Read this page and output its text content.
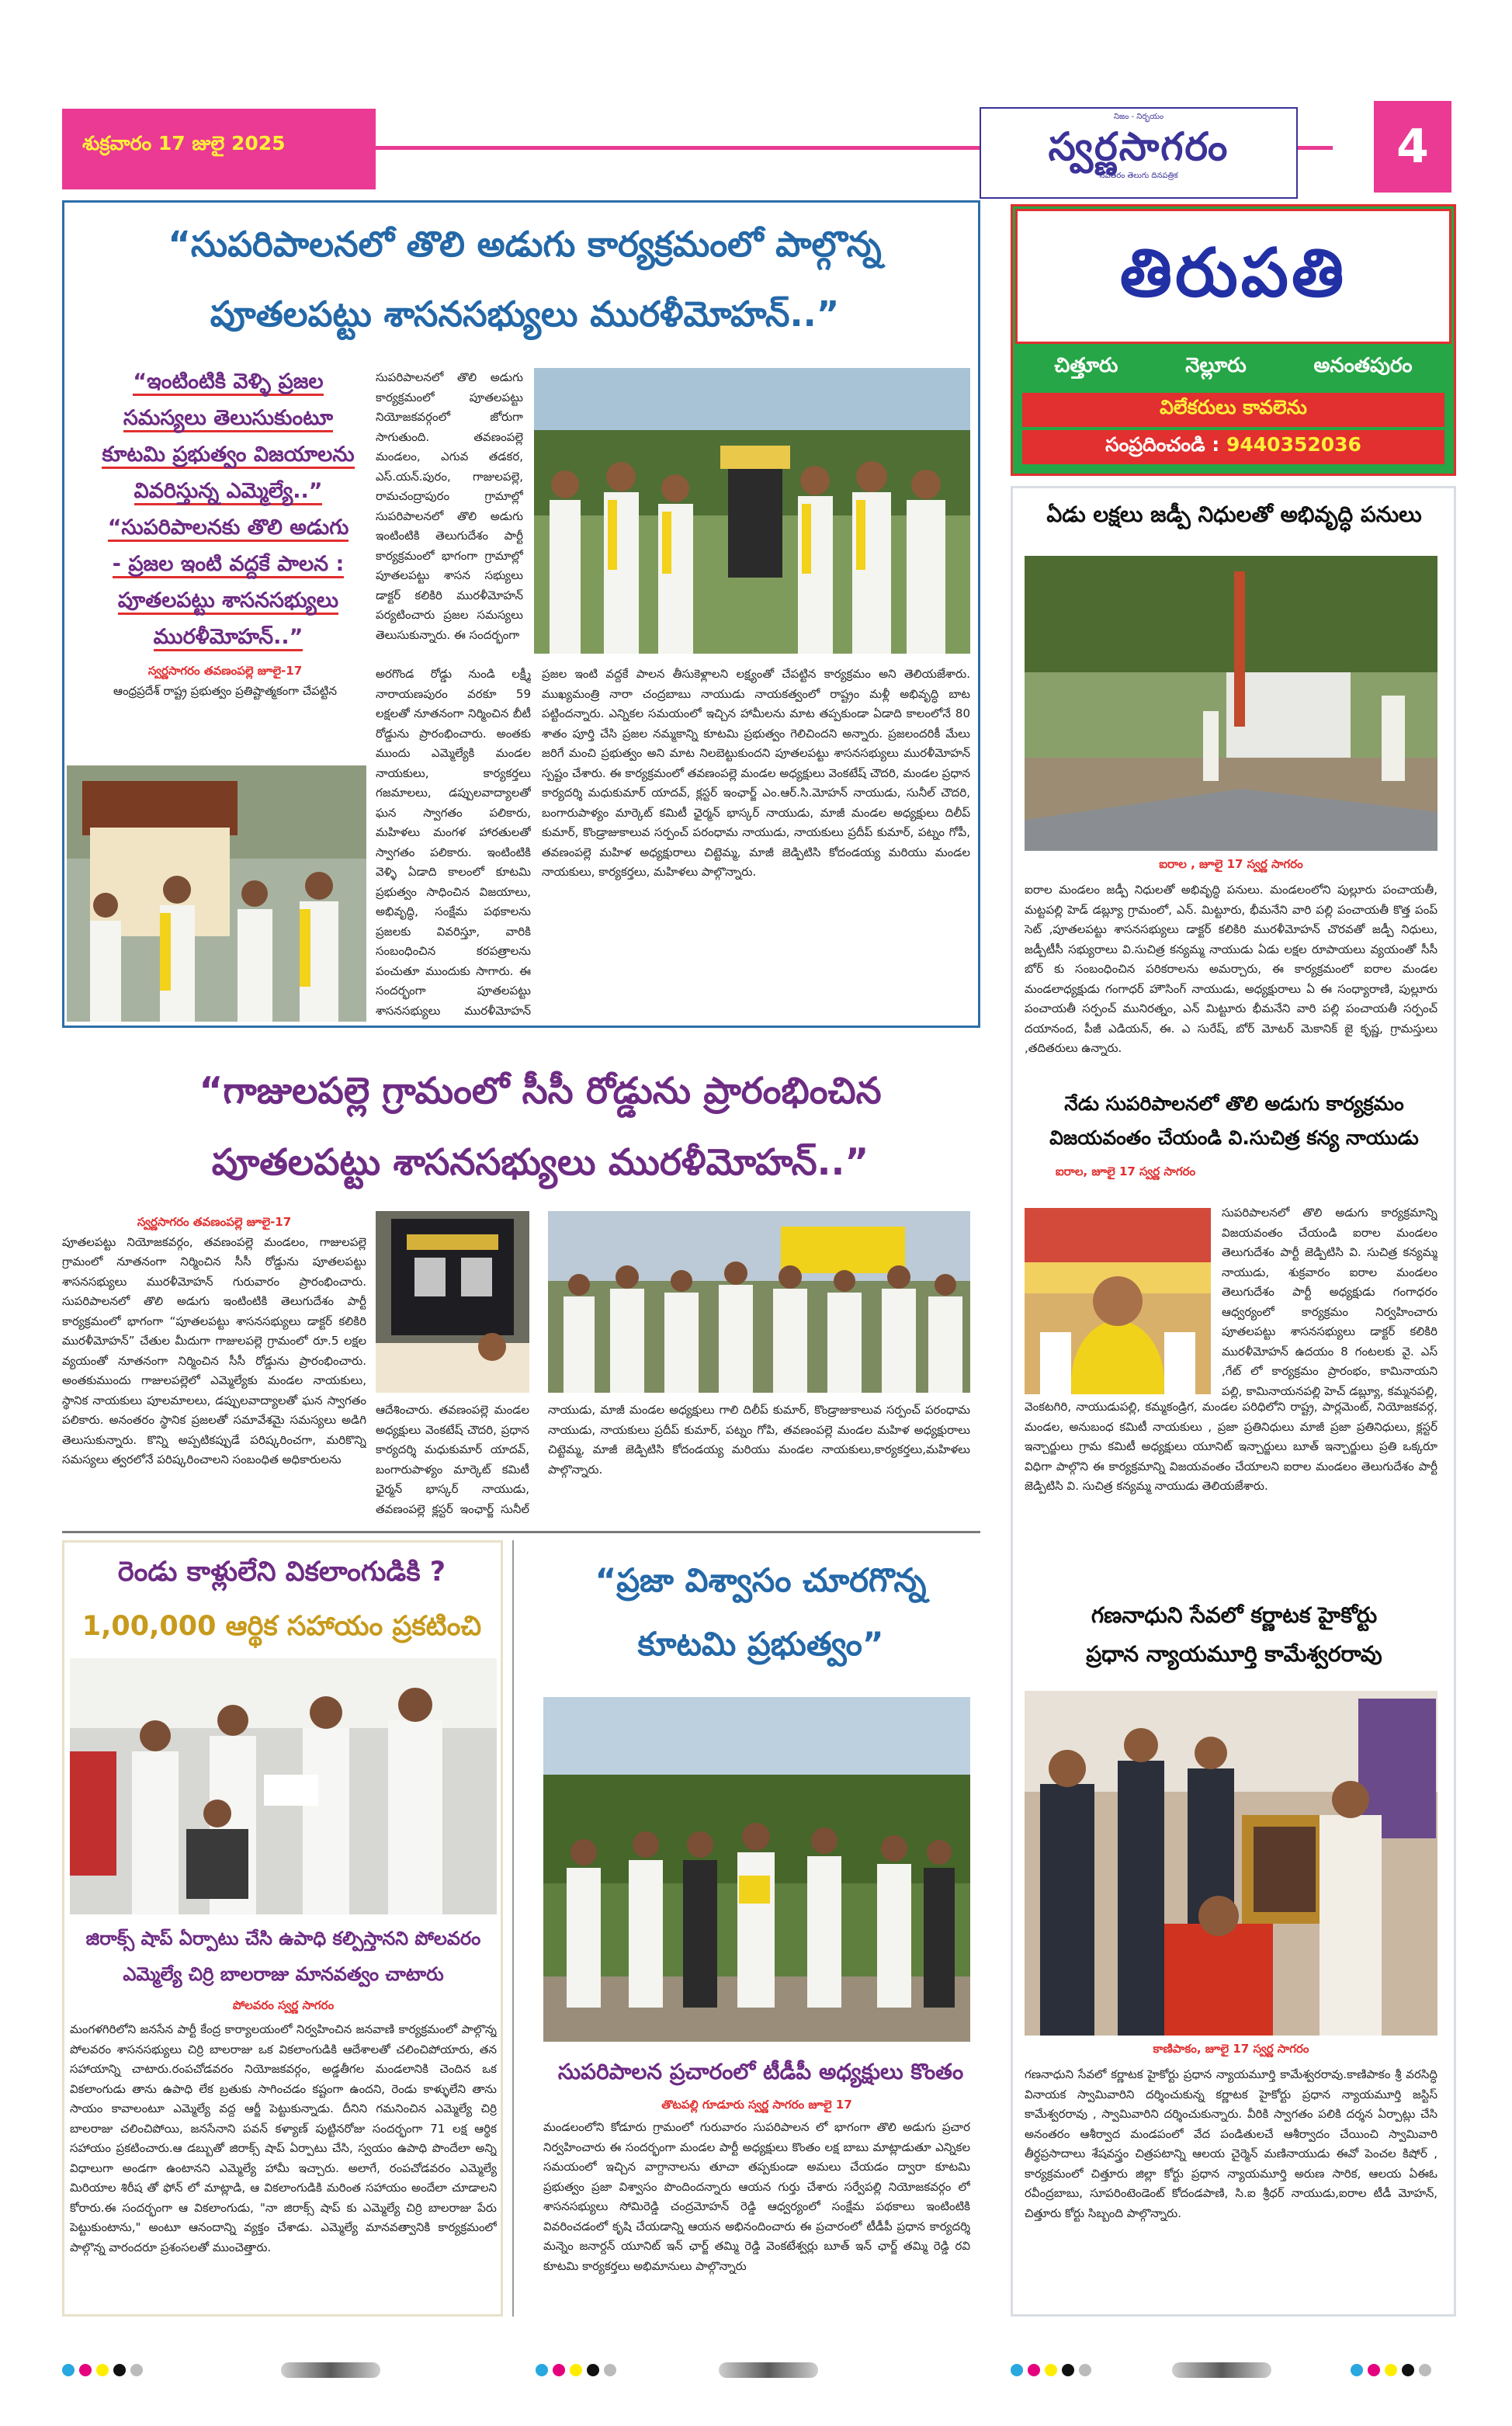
శుక్రవారం 17 జులై 2025
నిజం - నిర్భయం
స్వర్ణసాగరం
నవతరం తెలుగు దినపత్రిక
4
“సుపరిపాలనలో తొలి అడుగు కార్యక్రమంలో పాల్గొన్న
పూతలపట్టు శాసనసభ్యులు మురళీమోహన్..”
“ఇంటింటికి వెళ్ళి ప్రజల
సమస్యలు తెలుసుకుంటూ
కూటమి ప్రభుత్వం విజయాలను
వివరిస్తున్న ఎమ్మెల్యే..”
“సుపరిపాలనకు తొలి అడుగు
- ప్రజల ఇంటి వద్దకే పాలన :
పూతలపట్టు శాసనసభ్యులు
మురళీమోహన్..”
స్వర్ణసాగరం తవణంపల్లె జూలై-17
ఆంధ్రప్రదేశ్ రాష్ట్ర ప్రభుత్వం ప్రతిష్టాత్మకంగా చేపట్టిన
సుపరిపాలనలో తొలి అడుగు కార్యక్రమంలో పూతలపట్టు నియోజకవర్గంలో జోరుగా సాగుతుంది. తవణంపల్లె మండలం, ఎగువ తడకర, ఎస్.యన్.పురం, గాజులపల్లె, రామచంద్రాపురం గ్రామాల్లో సుపరిపాలనలో తొలి అడుగు ఇంటింటికి తెలుగుదేశం పార్టీ కార్యక్రమంలో భాగంగా గ్రామాల్లో పూతలపట్టు శాసన సభ్యులు డాక్టర్ కలికిరి మురళీమోహన్ పర్యటించారు ప్రజల సమస్యలు తెలుసుకున్నారు. ఈ సందర్భంగా
అరగొండ రోడ్డు నుండి లక్ష్మీ నారాయణపురం వరకూ 59 లక్షలతో నూతనంగా నిర్మించిన బీటీ రోడ్డును ప్రారంభించారు. అంతకు ముందు ఎమ్మెల్యేకి మండల నాయకులు, కార్యకర్తలు గజమాలలు, డప్పులవాద్యాలతో ఘన స్వాగతం పలికారు, మహిళలు మంగళ హారతులతో స్వాగతం పలికారు. ఇంటింటికి వెళ్ళి ఏడాది కాలంలో కూటమి ప్రభుత్వం సాధించిన విజయాలు, అభివృద్ధి, సంక్షేమ పథకాలను ప్రజలకు వివరిస్తూ, వారికి సంబంధించిన కరపత్రాలను పంచుతూ ముందుకు సాగారు. ఈ సందర్భంగా పూతలపట్టు శాసనసభ్యులు మురళీమోహన్
ప్రజల ఇంటి వద్దకే పాలన తీసుకెళ్లాలని లక్ష్యంతో చేపట్టిన కార్యక్రమం అని తెలియజేశారు. ముఖ్యమంత్రి నారా చంద్రబాబు నాయుడు నాయకత్వంలో రాష్ట్రం మళ్లీ అభివృద్ధి బాట పట్టిందన్నారు. ఎన్నికల సమయంలో ఇచ్చిన హామీలను మాట తప్పకుండా ఏడాది కాలంలోనే 80 శాతం పూర్తి చేసి ప్రజల నమ్మకాన్ని కూటమి ప్రభుత్వం గెలిచిందని అన్నారు. ప్రజలందరికీ మేలు జరిగే మంచి ప్రభుత్వం అని మాట నిలబెట్టుకుందని పూతలపట్టు శాసనసభ్యులు మురళీమోహన్ స్పష్టం చేశారు. ఈ కార్యక్రమంలో తవణంపల్లె మండల అధ్యక్షులు వెంకటేష్ చౌదరి, మండల ప్రధాన కార్యదర్శి మధుకుమార్ యాదవ్, క్లస్టర్ ఇంఛార్జ్ ఎం.ఆర్.సి.మోహన్ నాయుడు, సునీల్ చౌదరి, బంగారుపాళ్యం మార్కెట్ కమిటీ ఛైర్మన్ భాస్కర్ నాయుడు, మాజీ మండల అధ్యక్షులు దిలీప్ కుమార్, కొండ్రాజుకాలువ సర్పంచ్ పరంధామ నాయుడు, నాయకులు ప్రదీప్ కుమార్, పట్నం గోపీ, తవణంపల్లె మహిళ అధ్యక్షురాలు చిట్టెమ్మ, మాజీ జెడ్పిటిసి కోదండయ్య మరియు మండల నాయకులు, కార్యకర్తలు, మహిళలు పాల్గొన్నారు.
తిరుపతి
చిత్తూరు	నెల్లూరు	అనంతపురం
విలేకరులు కావలెను
సంప్రదించండి : 9440352036
ఏడు లక్షలు జడ్పీ నిధులతో అభివృద్ధి పనులు
ఐరాల , జూలై 17 స్వర్ణ సాగరం
ఐరాల మండలం జడ్పీ నిధులతో అభివృద్ధి పనులు. మండలంలోని పుల్లూరు పంచాయతీ, మట్టపల్లి హెడ్ డబ్ల్యూ గ్రామంలో, ఎన్. మిట్టూరు, భీమనేని వారి పల్లి పంచాయతీ కొత్త పంప్ సెట్ ,పూతలపట్టు శాసనసభ్యులు డాక్టర్ కలికిరి మురళీమోహన్ చొరవతో జడ్పీ నిధులు, జడ్పీటీసీ సభ్యురాలు వి.సుచిత్ర కన్యమ్మ నాయుడు ఏడు లక్షల రూపాయలు వ్యయంతో సీసీ బోర్ కు సంబంధించిన పరికరాలను అమర్చారు, ఈ కార్యక్రమంలో ఐరాల మండల మండలాధ్యక్షుడు గంగాధర్ హౌసింగ్ నాయుడు, అధ్యక్షురాలు ఏ ఈ సంధ్యారాణి, పుల్లూరు పంచాయతీ సర్పంచ్ మునిరత్నం, ఎన్ మిట్టూరు భీమనేని వారి పల్లి పంచాయతీ సర్పంచ్ దయానంద, పీజీ ఎడియన్, ఈ. ఎ సురేష్, బోర్ మోటర్ మెకానిక్ జై కృష్ణ, గ్రామస్తులు ,తదితరులు ఉన్నారు.
నేడు సుపరిపాలనలో తొలి అడుగు కార్యక్రమం
విజయవంతం చేయండి వి.సుచిత్ర కన్య నాయుడు
ఐరాల, జూలై 17 స్వర్ణ సాగరం
సుపరిపాలనలో తొలి అడుగు కార్యక్రమాన్ని విజయవంతం చేయండి ఐరాల మండలం తెలుగుదేశం పార్టీ జెడ్పిటిసి వి. సుచిత్ర కన్యమ్మ నాయుడు, శుక్రవారం ఐరాల మండలం తెలుగుదేశం పార్టీ అధ్యక్షుడు గంగాధరం ఆధ్వర్యంలో కార్యక్రమం నిర్వహించారు పూతలపట్టు శాసనసభ్యులు డాక్టర్ కలికిరి మురళీమోహన్ ఉదయం 8 గంటలకు వై. ఎస్ ,గేట్ లో కార్యక్రమం ప్రారంభం, కామినాయని పల్లి, కామినాయనపల్లి హెచ్ డబ్ల్యూ, కమ్మనపల్లి,
వెంకటగిరి, నాయుడుపల్లి, కమ్మకండ్రిగ, మండల పరిధిలోని రాష్ట్ర, పార్లమెంట్, నియోజకవర్గ, మండల, అనుబంధ కమిటీ నాయకులు , ప్రజా ప్రతినిధులు మాజీ ప్రజా ప్రతినిధులు, క్లస్టర్ ఇన్చార్జులు గ్రామ కమిటీ అధ్యక్షులు యూనిట్ ఇన్చార్జులు బూత్ ఇన్చార్జులు ప్రతి ఒక్కరూ విధిగా పాల్గొని ఈ కార్యక్రమాన్ని విజయవంతం చేయాలని ఐరాల మండలం తెలుగుదేశం పార్టీ జెడ్పిటిసి వి. సుచిత్ర కన్యమ్మ నాయుడు తెలియజేశారు.
గణనాధుని సేవలో కర్ణాటక హైకోర్టు
ప్రధాన న్యాయమూర్తి కామేశ్వరరావు
కాణిపాకం, జూలై 17 స్వర్ణ సాగరం
గణనాధుని సేవలో కర్ణాటక హైకోర్టు ప్రధాన న్యాయమూర్తి కామేశ్వరరావు.కాణిపాకం శ్రీ వరసిద్ధి వినాయక స్వామివారిని దర్శించుకున్న కర్ణాటక హైకోర్టు ప్రధాన న్యాయమూర్తి జస్టిస్ కామేశ్వరరావు , స్వామివారిని దర్శించుకున్నారు. వీరికి స్వాగతం పలికి దర్శన ఏర్పాట్లు చేసి అనంతరం ఆశీర్వాద మండపంలో వేద పండితులచే ఆశీర్వాదం చేయించి స్వామివారి తీర్థప్రసాదాలు శేషవస్త్రం చిత్రపటాన్ని ఆలయ చైర్మెన్ మణినాయుడు ఈవో పెంచల కిషోర్ , కార్యక్రమంలో చిత్తూరు జిల్లా కోర్టు ప్రధాన న్యాయమూర్తి అరుణ సారిక, ఆలయ ఏఈఓ రవీంద్రబాబు, సూపరింటెండెంట్ కోదండపాణి, సి.ఐ శ్రీధర్ నాయుడు,ఐరాల టీడీ మోహన్, చిత్తూరు కోర్టు సిబ్బంది పాల్గొన్నారు.
“గాజులపల్లె గ్రామంలో సీసీ రోడ్డును ప్రారంభించిన
పూతలపట్టు శాసనసభ్యులు మురళీమోహన్..”
స్వర్ణసాగరం తవణంపల్లె జూలై-17
పూతలపట్టు నియోజకవర్గం, తవణంపల్లె మండలం, గాజులపల్లె గ్రామంలో నూతనంగా నిర్మించిన సీసీ రోడ్డును పూతలపట్టు శాసనసభ్యులు మురళీమోహన్ గురువారం ప్రారంభించారు. సుపరిపాలనలో తొలి అడుగు ఇంటింటికి తెలుగుదేశం పార్టీ కార్యక్రమంలో భాగంగా “పూతలపట్టు శాసనసభ్యులు డాక్టర్ కలికిరి మురళీమోహన్” చేతుల మీదుగా గాజులపల్లె గ్రామంలో రూ.5 లక్షల వ్యయంతో నూతనంగా నిర్మించిన సీసీ రోడ్డును ప్రారంభించారు. అంతకుముందు గాజులపల్లెలో ఎమ్మెల్యేకు మండల నాయకులు, స్థానిక నాయకులు పూలమాలలు, డప్పులవాద్యాలతో ఘన స్వాగతం పలికారు. అనంతరం స్థానిక ప్రజలతో సమావేశమై సమస్యలు అడిగి తెలుసుకున్నారు. కొన్ని అప్పటికప్పుడే పరిష్కరించగా, మరికొన్ని సమస్యలు త్వరలోనే పరిష్కరించాలని సంబంధిత అధికారులను
ఆదేశించారు. తవణంపల్లె మండల అధ్యక్షులు వెంకటేష్ చౌదరి, ప్రధాన కార్యదర్శి మధుకుమార్ యాదవ్, బంగారుపాళ్యం మార్కెట్ కమిటీ ఛైర్మన్ భాస్కర్ నాయుడు, తవణంపల్లె క్లస్టర్ ఇంఛార్జ్ సునీల్
నాయుడు, మాజీ మండల అధ్యక్షులు గాలి దిలీప్ కుమార్, కొండ్రాజుకాలువ సర్పంచ్ పరంధామ నాయుడు, నాయకులు ప్రదీప్ కుమార్, పట్నం గోపి, తవణంపల్లె మండల మహిళ అధ్యక్షురాలు చిట్టెమ్మ, మాజీ జెడ్పిటిసి కోదండయ్య మరియు మండల నాయకులు,కార్యకర్తలు,మహిళలు పాల్గొన్నారు.
రెండు కాళ్లులేని వికలాంగుడికి ?
1,00,000 ఆర్థిక సహాయం ప్రకటించి
జిరాక్స్ షాప్ ఏర్పాటు చేసి ఉపాధి కల్పిస్తానని పోలవరం
ఎమ్మెల్యే చిర్రి బాలరాజు మానవత్వం చాటారు
పోలవరం స్వర్ణ సాగరం
మంగళగిరిలోని జనసేన పార్టీ కేంద్ర కార్యాలయంలో నిర్వహించిన జనవాణి కార్యక్రమంలో పాల్గొన్న పోలవరం శాసనసభ్యులు చిర్రి బాలరాజు ఒక వికలాంగుడికి ఆదేశాలతో చలించిపోయారు, తన సహాయాన్ని చాటారు.రంపచోడవరం నియోజకవర్గం, అడ్డతీగల మండలానికి చెందిన ఒక వికలాంగుడు తాను ఉపాధి లేక బ్రతుకు సాగించడం కష్టంగా ఉందని, రెండు కాళ్ళులేని తాను సాయం కావాలంటూ ఎమ్మెల్యే వద్ద ఆర్జీ పెట్టుకున్నాడు. దీనిని గమనించిన ఎమ్మెల్యే చిర్రి బాలరాజు చలించిపోయి, జనసేనాని పవన్ కళ్యాణ్ పుట్టినరోజు సందర్భంగా 71 లక్ష ఆర్థిక సహాయం ప్రకటించారు.ఆ డబ్బుతో జిరాక్స్ షాప్ ఏర్పాటు చేసి, స్వయం ఉపాధి పొందేలా అన్ని విధాలుగా అండగా ఉంటానని ఎమ్మెల్యే హామీ ఇచ్చారు. అలాగే, రంపచోడవరం ఎమ్మెల్యే మిరియాల శిరీష తో ఫోన్ లో మాట్లాడి, ఆ వికలాంగుడికి మరింత సహాయం అందేలా చూడాలని కోరారు.ఈ సందర్భంగా ఆ వికలాంగుడు, "నా జిరాక్స్ షాప్ కు ఎమ్మెల్యే చిర్రి బాలరాజు పేరు పెట్టుకుంటాను," అంటూ ఆనందాన్ని వ్యక్తం చేశాడు. ఎమ్మెల్యే మానవత్వానికి కార్యక్రమంలో పాల్గొన్న వారందరూ ప్రశంసలతో ముంచెత్తారు.
“ప్రజా విశ్వాసం చూరగొన్న
కూటమి ప్రభుత్వం”
సుపరిపాలన ప్రచారంలో టీడీపీ అధ్యక్షులు కొంతం
తొటపల్లి గూడూరు స్వర్ణ సాగరం జూలై 17
మండలంలోని కోడూరు గ్రామంలో గురువారం సుపరిపాలన లో భాగంగా తొలి అడుగు ప్రచార నిర్వహించారు ఈ సందర్భంగా మండల పార్టీ అధ్యక్షులు కొంతం లక్ష బాబు మాట్లాడుతూ ఎన్నికల సమయంలో ఇచ్చిన వాగ్దానాలను తూచా తప్పకుండా అమలు చేయడం ద్వారా కూటమి ప్రభుత్వం ప్రజా విశ్వాసం పొందిందన్నారు ఆయన గుర్తు చేశారు సర్వేపల్లి నియోజకవర్గం లో శాసనసభ్యులు సోమిరెడ్డి చంద్రమోహన్ రెడ్డి ఆధ్వర్యంలో సంక్షేమ పథకాలు ఇంటింటికి వివరించడంలో కృషి చేయడాన్ని ఆయన అభినందించారు ఈ ప్రచారంలో టీడీపీ ప్రధాన కార్యదర్శి మన్నెం జనార్దన్ యూనిట్ ఇన్ ఛార్జ్ తమ్మి రెడ్డి వెంకటేశ్వర్లు బూత్ ఇన్ ఛార్జ్ తమ్మి రెడ్డి రవి కూటమి కార్యకర్తలు అభిమానులు పాల్గొన్నారు
